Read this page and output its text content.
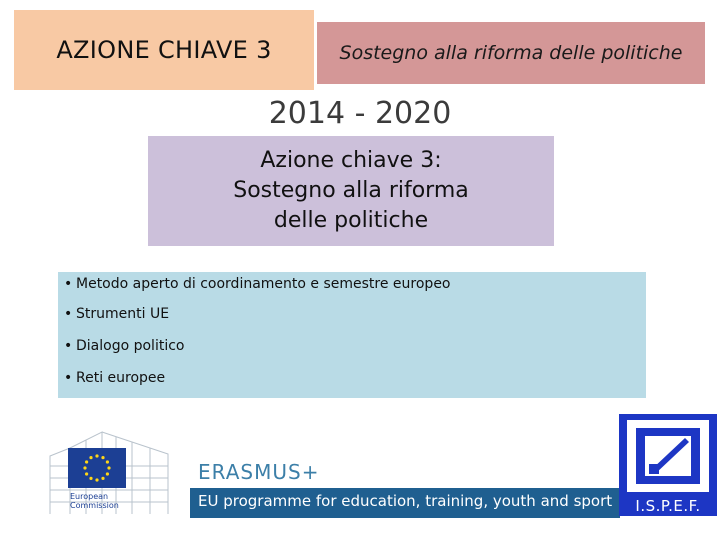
AZIONE CHIAVE 3	Sostegno alla riforma delle politiche
2014 - 2020
Azione chiave 3:
Sostegno alla riforma
delle politiche
• Metodo aperto di coordinamento e semestre europeo
• Strumenti UE
• Dialogo politico
• Reti europee
European
Commission
ERASMUS+
EU programme for education, training, youth and sport	I.S.P.E.F.
